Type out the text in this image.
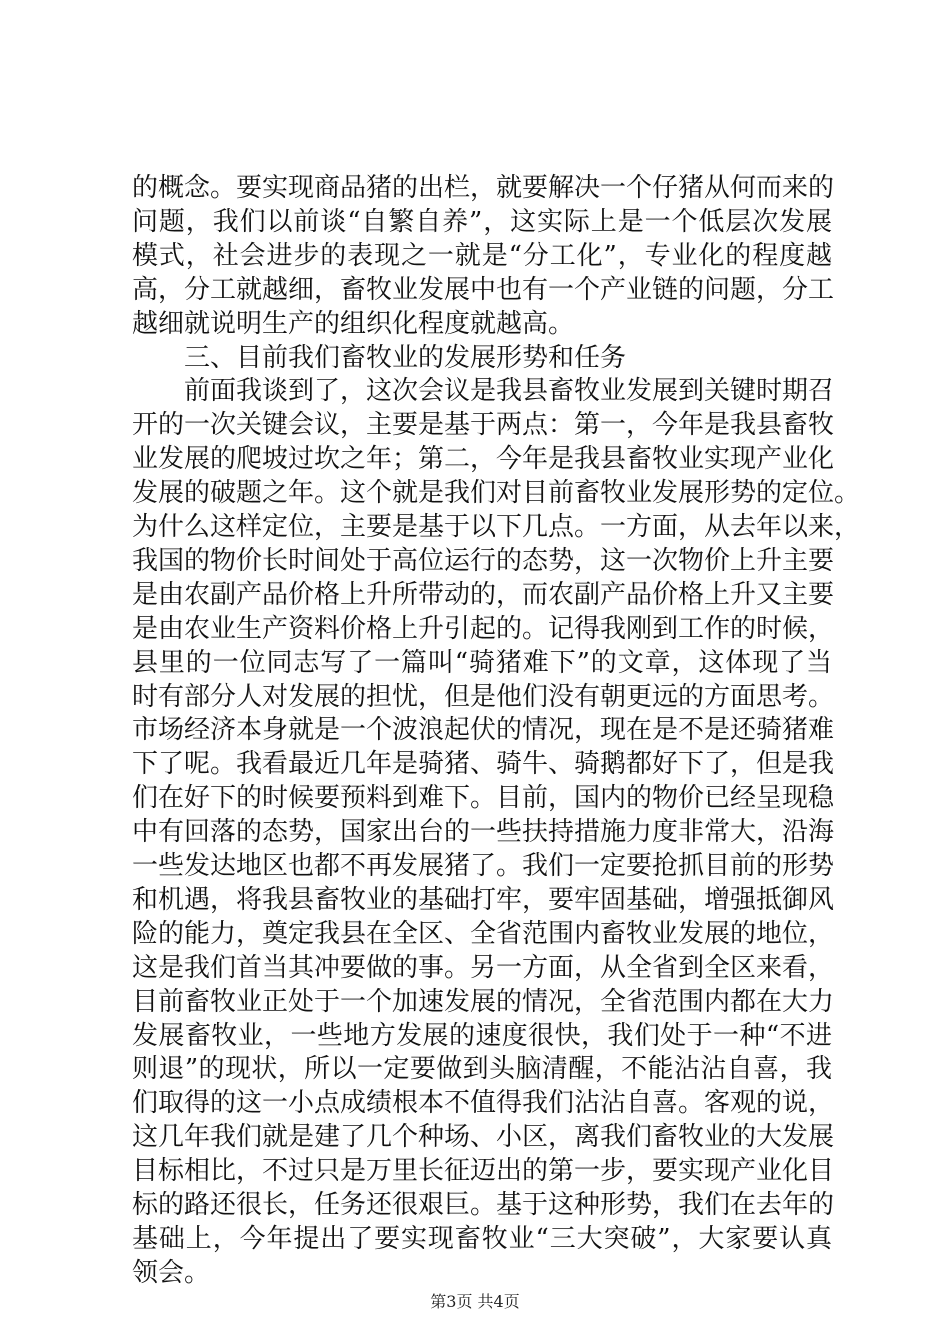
的概念。要实现商品猪的出栏，就要解决一个仔猪从何而来的
问题，我们以前谈“自繁自养”，这实际上是一个低层次发展
模式，社会进步的表现之一就是“分工化”，专业化的程度越
高，分工就越细，畜牧业发展中也有一个产业链的问题，分工
越细就说明生产的组织化程度就越高。
三、目前我们畜牧业的发展形势和任务
前面我谈到了，这次会议是我县畜牧业发展到关键时期召
开的一次关键会议，主要是基于两点：第一，今年是我县畜牧
业发展的爬坡过坎之年；第二，今年是我县畜牧业实现产业化
发展的破题之年。这个就是我们对目前畜牧业发展形势的定位。
为什么这样定位，主要是基于以下几点。一方面，从去年以来，
我国的物价长时间处于高位运行的态势，这一次物价上升主要
是由农副产品价格上升所带动的，而农副产品价格上升又主要
是由农业生产资料价格上升引起的。记得我刚到工作的时候，
县里的一位同志写了一篇叫“骑猪难下”的文章，这体现了当
时有部分人对发展的担忧，但是他们没有朝更远的方面思考。
市场经济本身就是一个波浪起伏的情况，现在是不是还骑猪难
下了呢。我看最近几年是骑猪、骑牛、骑鹅都好下了，但是我
们在好下的时候要预料到难下。目前，国内的物价已经呈现稳
中有回落的态势，国家出台的一些扶持措施力度非常大，沿海
一些发达地区也都不再发展猪了。我们一定要抢抓目前的形势
和机遇，将我县畜牧业的基础打牢，要牢固基础，增强抵御风
险的能力，奠定我县在全区、全省范围内畜牧业发展的地位，
这是我们首当其冲要做的事。另一方面，从全省到全区来看，
目前畜牧业正处于一个加速发展的情况，全省范围内都在大力
发展畜牧业，一些地方发展的速度很快，我们处于一种“不进
则退”的现状，所以一定要做到头脑清醒，不能沾沾自喜，我
们取得的这一小点成绩根本不值得我们沾沾自喜。客观的说，
这几年我们就是建了几个种场、小区，离我们畜牧业的大发展
目标相比，不过只是万里长征迈出的第一步，要实现产业化目
标的路还很长，任务还很艰巨。基于这种形势，我们在去年的
基础上，今年提出了要实现畜牧业“三大突破”，大家要认真
领会。
第3页 共4页
